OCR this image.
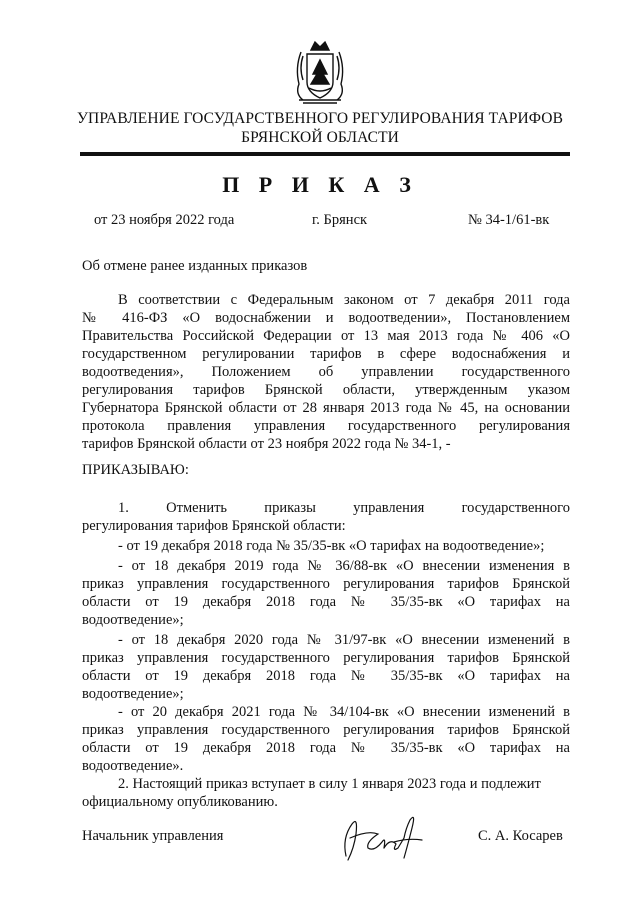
УПРАВЛЕНИЕ ГОСУДАРСТВЕННОГО РЕГУЛИРОВАНИЯ ТАРИФОВ
БРЯНСКОЙ ОБЛАСТИ
П Р И К А З
от 23 ноября 2022 года	г. Брянск	№ 34-1/61-вк
Об отмене ранее изданных приказов
В соответствии с Федеральным законом от 7 декабря 2011 года
№ 416-ФЗ «О водоснабжении и водоотведении», Постановлением
Правительства Российской Федерации от 13 мая 2013 года № 406 «О
государственном регулировании тарифов в сфере водоснабжения и
водоотведения», Положением об управлении государственного
регулирования тарифов Брянской области, утвержденным указом
Губернатора Брянской области от 28 января 2013 года № 45, на основании
протокола правления управления государственного регулирования
тарифов Брянской области от 23 ноября 2022 года № 34-1, -
ПРИКАЗЫВАЮ:
1. Отменить приказы управления государственного
регулирования тарифов Брянской области:
- от 19 декабря 2018 года № 35/35-вк «О тарифах на водоотведение»;
- от 18 декабря 2019 года № 36/88-вк «О внесении изменения в
приказ управления государственного регулирования тарифов Брянской
области от 19 декабря 2018 года № 35/35-вк «О тарифах на
водоотведение»;
- от 18 декабря 2020 года № 31/97-вк «О внесении изменений в
приказ управления государственного регулирования тарифов Брянской
области от 19 декабря 2018 года № 35/35-вк «О тарифах на
водоотведение»;
- от 20 декабря 2021 года № 34/104-вк «О внесении изменений в
приказ управления государственного регулирования тарифов Брянской
области от 19 декабря 2018 года № 35/35-вк «О тарифах на
водоотведение».
2. Настоящий приказ вступает в силу 1 января 2023 года и подлежит
официальному опубликованию.
Начальник управления	С. А. Косарев
